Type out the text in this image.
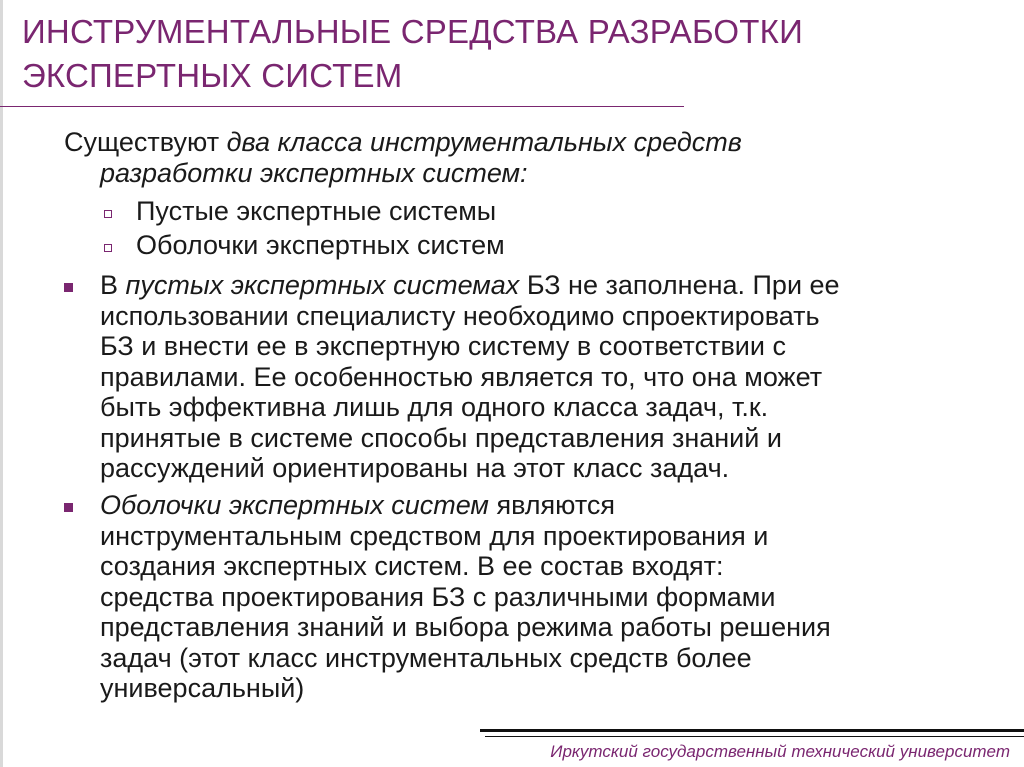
ИНСТРУМЕНТАЛЬНЫЕ СРЕДСТВА РАЗРАБОТКИ
ЭКСПЕРТНЫХ СИСТЕМ

Существуют два класса инструментальных средств
разработки экспертных систем:

Пустые экспертные системы
Оболочки экспертных систем

В пустых экспертных системах БЗ не заполнена. При ее
использовании специалисту необходимо спроектировать
БЗ и внести ее в экспертную систему в соответствии с
правилами. Ее особенностью является то, что она может
быть эффективна лишь для одного класса задач, т.к.
принятые в системе способы представления знаний и
рассуждений ориентированы на этот класс задач.

Оболочки экспертных систем являются
инструментальным средством для проектирования и
создания экспертных систем. В ее состав входят:
средства проектирования БЗ с различными формами
представления знаний и выбора режима работы решения
задач (этот класс инструментальных средств более
универсальный)

Иркутский государственный технический университет
